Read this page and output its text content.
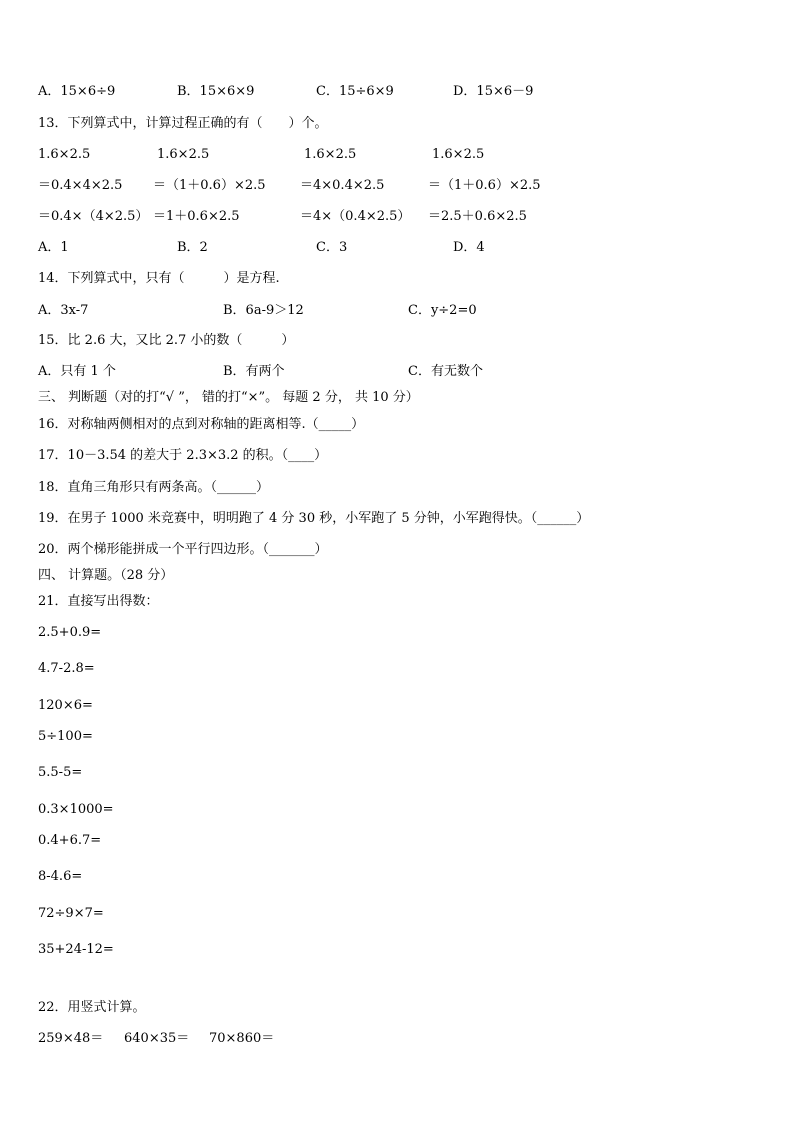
A．15×6÷9	B．15×6×9	C．15÷6×9	D．15×6－9
13．下列算式中，计算过程正确的有（　　）个。
1.6×2.5	1.6×2.5	1.6×2.5	1.6×2.5
＝0.4×4×2.5 ＝（1＋0.6）×2.5	＝4×0.4×2.5	＝（1＋0.6）×2.5
＝0.4×（4×2.5） ＝1＋0.6×2.5	＝4×（0.4×2.5） ＝2.5＋0.6×2.5
A．1	B．2	C．3	D．4
14．下列算式中，只有（　　　）是方程.
A．3x-7	B．6a-9＞12	C．y÷2=0
15．比 2.6 大，又比 2.7 小的数（　　　）
A．只有 1 个	B．有两个	C．有无数个
三、 判断题（对的打“√ ”， 错的打“×”。 每题 2 分， 共 10 分）
16．对称轴两侧相对的点到对称轴的距离相等.（_____）
17．10－3.54 的差大于 2.3×3.2 的积。（____）
18．直角三角形只有两条高。（______）
19．在男子 1000 米竞赛中，明明跑了 4 分 30 秒，小军跑了 5 分钟，小军跑得快。（______）
20．两个梯形能拼成一个平行四边形。（_______）
四、 计算题。（28 分）
21．直接写出得数：
2.5+0.9=
4.7-2.8=
120×6=
5÷100=
5.5-5=
0.3×1000=
0.4+6.7=
8-4.6=
72÷9×7=
35+24-12=
22．用竖式计算。
259×48＝ 640×35＝ 70×860＝
